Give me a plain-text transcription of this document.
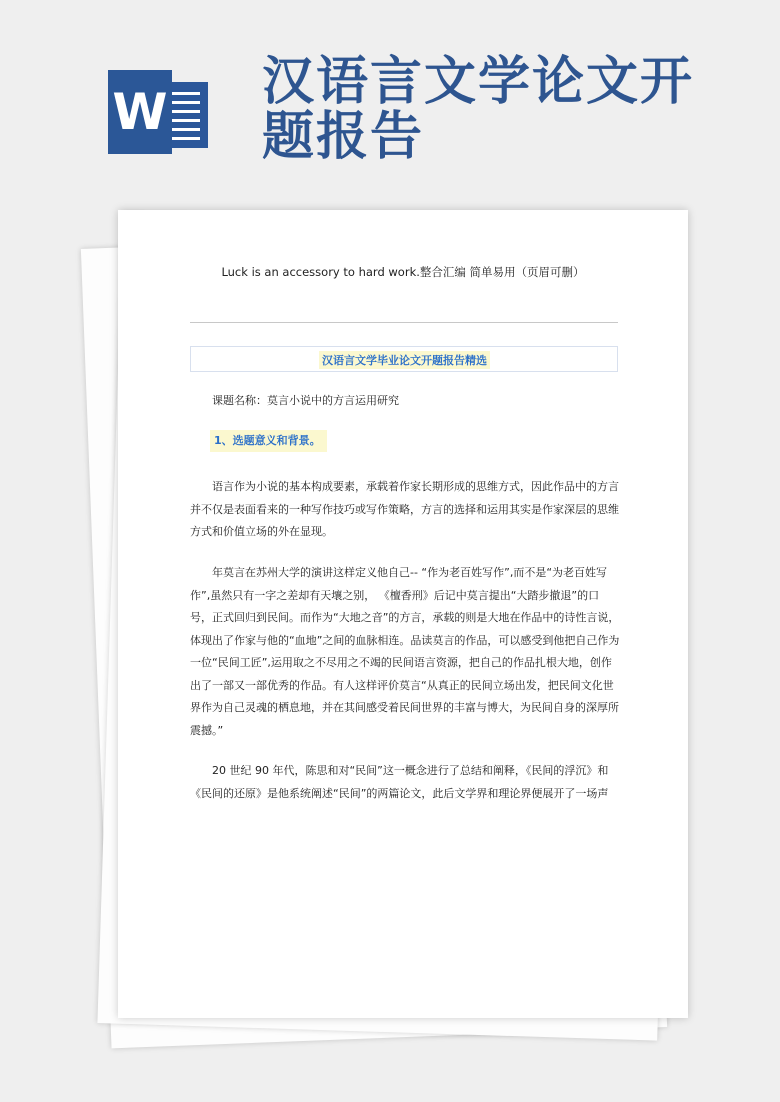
W 汉语言文学论文开题报告
Luck is an accessory to hard work.整合汇编 简单易用（页眉可删）
汉语言文学毕业论文开题报告精选
课题名称：莫言小说中的方言运用研究
1、选题意义和背景。

语言作为小说的基本构成要素，承载着作家长期形成的思维方式，因此作品中的方言并不仅是表面看来的一种写作技巧或写作策略，方言的选择和运用其实是作家深层的思维方式和价值立场的外在显现。

年莫言在苏州大学的演讲这样定义他自己-- “作为老百姓写作”,而不是“为老百姓写作”,虽然只有一字之差却有天壤之别， 《檀香刑》后记中莫言提出“大踏步撤退”的口号，正式回归到民间。而作为“大地之音”的方言，承载的则是大地在作品中的诗性言说，体现出了作家与他的“血地”之间的血脉相连。品读莫言的作品，可以感受到他把自己作为一位“民间工匠”,运用取之不尽用之不竭的民间语言资源，把自己的作品扎根大地，创作出了一部又一部优秀的作品。有人这样评价莫言“从真正的民间立场出发，把民间文化世界作为自己灵魂的栖息地，并在其间感受着民间世界的丰富与博大，为民间自身的深厚所震撼。”

20 世纪 90 年代，陈思和对“民间”这一概念进行了总结和阐释，《民间的浮沉》和《民间的还原》是他系统阐述“民间”的两篇论文，此后文学界和理论界便展开了一场声
